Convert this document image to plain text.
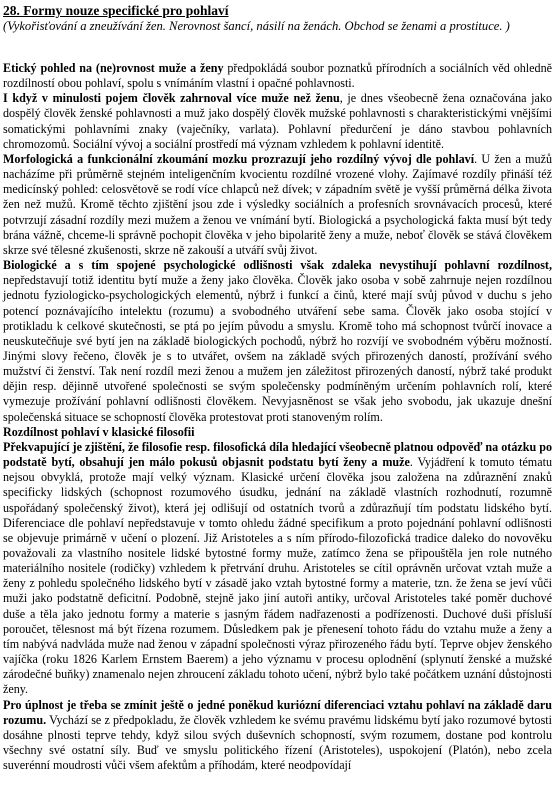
28. Formy nouze specifické pro pohlaví

(Vykořisťování a zneužívání žen. Nerovnost šancí, násilí na ženách. Obchod se ženami a prostituce. )

Etický pohled na (ne)rovnost muže a ženy předpokládá soubor poznatků přírodních a sociálních věd ohledně rozdílností obou pohlaví, spolu s vnímáním vlastní i opačné pohlavnosti.

I když v minulosti pojem člověk zahrnoval více muže než ženu, je dnes všeobecně žena označována jako dospělý člověk ženské pohlavnosti a muž jako dospělý člověk mužské pohlavnosti s charakteristickými vnějšími somatickými pohlavními znaky (vaječníky, varlata). Pohlavní předurčení je dáno stavbou pohlavních chromozomů. Sociální vývoj a sociální prostředí má význam vzhledem k pohlavní identitě.

Morfologická a funkcionální zkoumání mozku prozrazují jeho rozdílný vývoj dle pohlaví. U žen a mužů nacházíme při průměrně stejném inteligenčním kvocientu rozdílné vrozené vlohy. Zajímavé rozdíly přináší též medicínský pohled: celosvětově se rodí více chlapců než dívek; v západním světě je vyšší průměrná délka života žen než mužů. Kromě těchto zjištění jsou zde i výsledky sociálních a profesních srovnávacích procesů, které potvrzují zásadní rozdíly mezi mužem a ženou ve vnímání bytí. Biologická a psychologická fakta musí být tedy brána vážně, chceme-li správně pochopit člověka v jeho bipolaritě ženy a muže, neboť člověk se stává člověkem skrze své tělesné zkušenosti, skrze ně zakouší a utváří svůj život.

Biologické a s tím spojené psychologické odlišnosti však zdaleka nevystihují pohlavní rozdílnost, nepředstavují totiž identitu bytí muže a ženy jako člověka. Člověk jako osoba v sobě zahrnuje nejen rozdílnou jednotu fyziologicko-psychologických elementů, nýbrž i funkcí a činů, které mají svůj původ v duchu s jeho potencí poznávajícího intelektu (rozumu) a svobodného utváření sebe sama. Člověk jako osoba stojící v protikladu k celkové skutečnosti, se ptá po jejím původu a smyslu. Kromě toho má schopnost tvůrčí inovace a neuskutečňuje své bytí jen na základě biologických pochodů, nýbrž ho rozvíjí ve svobodném výběru možností. Jinými slovy řečeno, člověk je s to utvářet, ovšem na základě svých přirozených daností, prožívání svého mužství či ženství. Tak není rozdíl mezi ženou a mužem jen záležitost přirozených daností, nýbrž také produkt dějin resp. dějinně utvořené společnosti se svým společensky podmíněným určením pohlavních rolí, které vymezuje prožívání pohlavní odlišnosti člověkem. Nevyjasněnost se však jeho svobodu, jak ukazuje dnešní společenská situace se schopností člověka protestovat proti stanoveným rolím.

Rozdílnost pohlaví v klasické filosofii

Překvapující je zjištění, že filosofie resp. filosofická díla hledající všeobecně platnou odpověď na otázku po podstatě bytí, obsahují jen málo pokusů objasnit podstatu bytí ženy a muže. Vyjádření k tomuto tématu nejsou obvyklá, protože mají velký význam. Klasické určení člověka jsou založena na zdůraznění znaků specificky lidských (schopnost rozumového úsudku, jednání na základě vlastních rozhodnutí, rozumně uspořádaný společenský život), která jej odlišují od ostatních tvorů a zdůrazňují tím podstatu lidského bytí. Diferenciace dle pohlaví nepředstavuje v tomto ohledu žádné specifikum a proto pojednání pohlavní odlišnosti se objevuje primárně v učení o plození. Již Aristoteles a s ním přírodo-filozofická tradice daleko do novověku považovali za vlastního nositele lidské bytostné formy muže, zatímco žena se připouštěla jen role nutného materiálního nositele (rodičky) vzhledem k přetrvání druhu. Aristoteles se cítil oprávněn určovat vztah muže a ženy z pohledu společného lidského bytí v zásadě jako vztah bytostné formy a materie, tzn. že žena se jeví vůči muži jako podstatně deficitní. Podobně, stejně jako jiní autoři antiky, určoval Aristoteles také poměr duchové duše a těla jako jednotu formy a materie s jasným řádem nadřazenosti a podřízenosti. Duchové duši přísluší poroučet, tělesnost má být řízena rozumem. Důsledkem pak je přenesení tohoto řádu do vztahu muže a ženy a tím nabývá nadvláda muže nad ženou v západní společnosti výraz přirozeného řádu bytí. Teprve objev ženského vajíčka (roku 1826 Karlem Ernstem Baerem) a jeho významu v procesu oplodnění (splynutí ženské a mužské zárodečné buňky) znamenalo nejen zhroucení základu tohoto učení, nýbrž bylo také počátkem uznání důstojnosti ženy.

Pro úplnost je třeba se zmínit ještě o jedné poněkud kuriózní diferenciaci vztahu pohlaví na základě daru rozumu. Vychází se z předpokladu, že člověk vzhledem ke svému pravému lidskému bytí jako rozumové bytosti dosáhne plnosti teprve tehdy, když silou svých duševních schopností, svým rozumem, dostane pod kontrolu všechny své ostatní síly. Buď ve smyslu politického řízení (Aristoteles), uspokojení (Platón), nebo zcela suverénní moudrosti vůči všem afektům a příhodám, které neodpovídají
